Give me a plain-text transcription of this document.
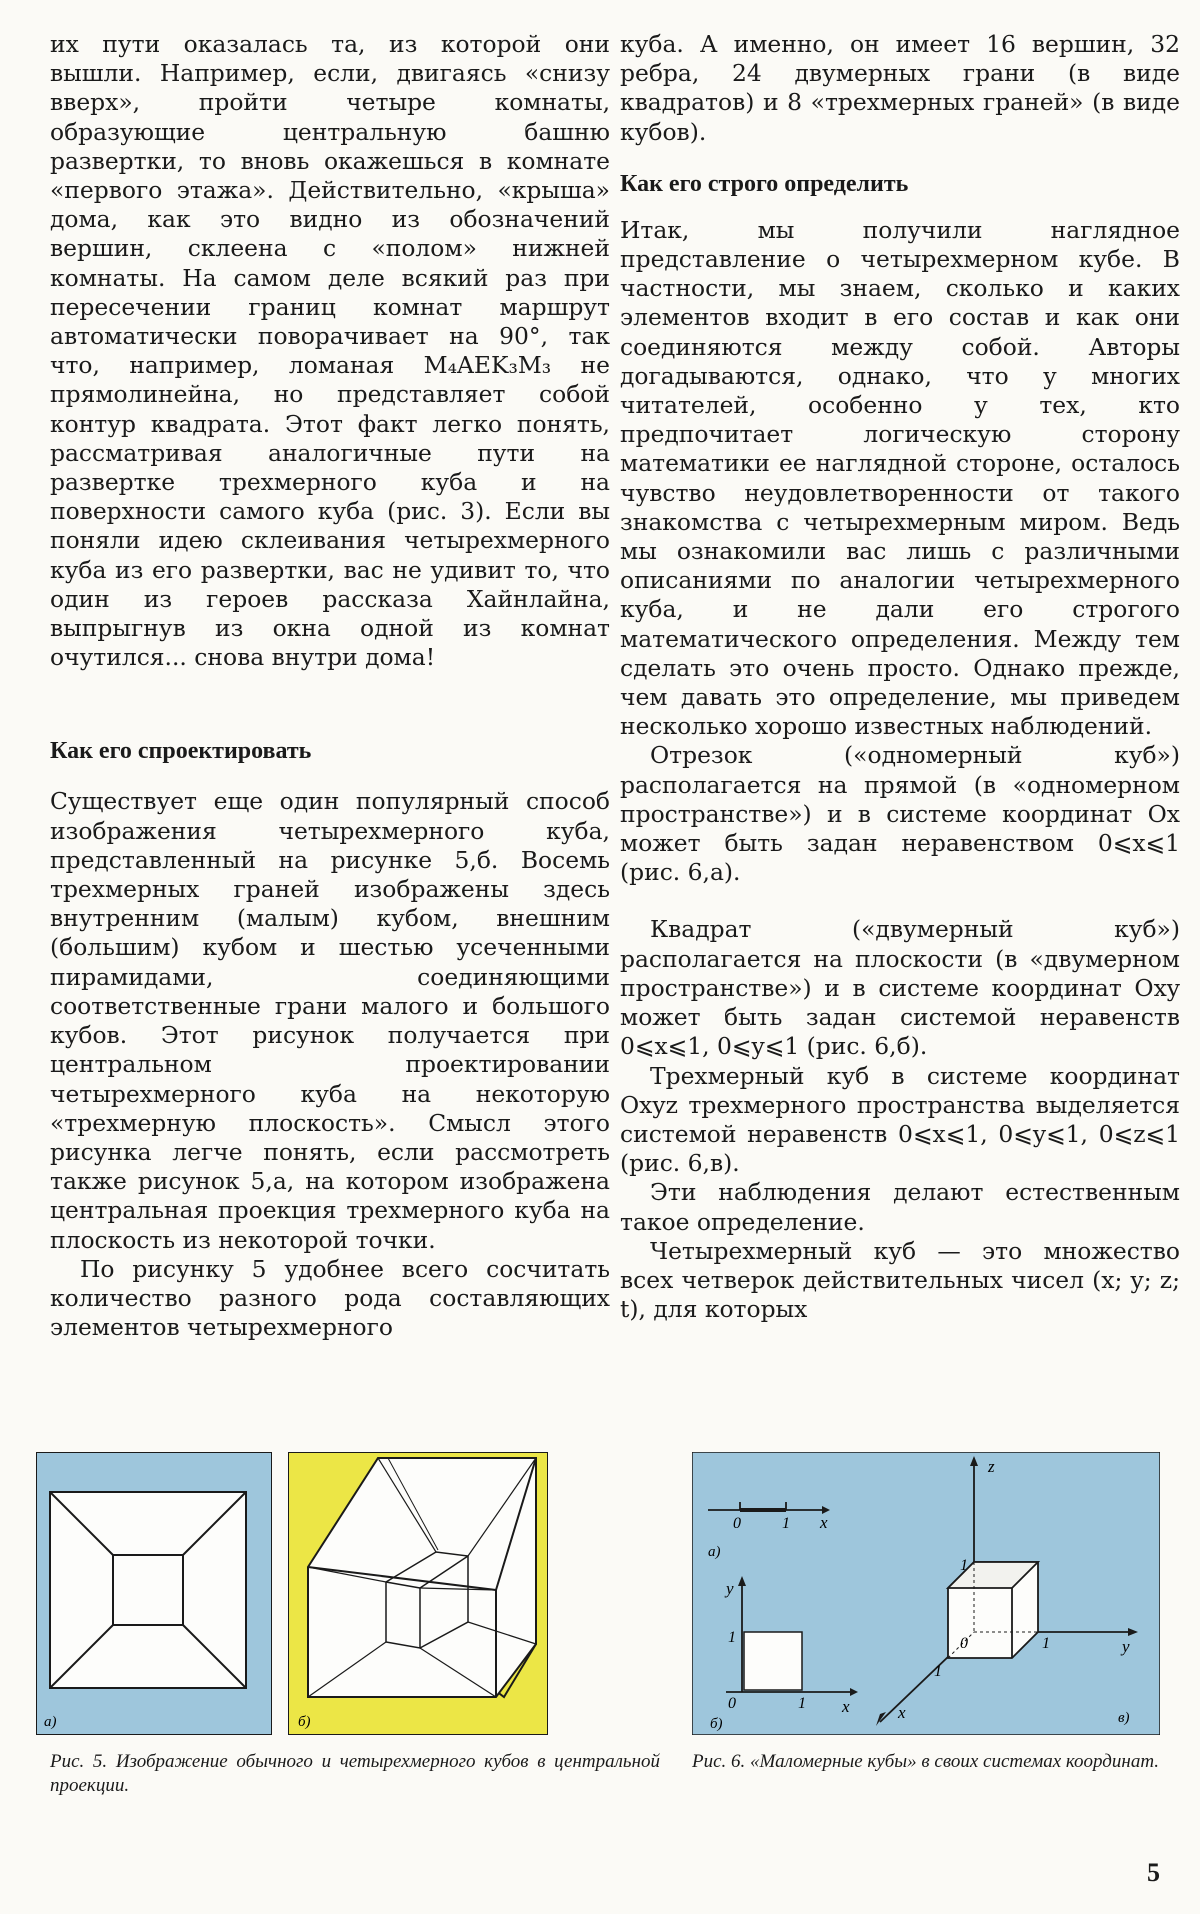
их пути оказалась та, из которой они вышли. Например, если, двигаясь «снизу вверх», пройти четыре комнаты, образующие центральную башню развертки, то вновь окажешься в комнате «первого этажа». Действительно, «крыша» дома, как это видно из обозначений вершин, склеена с «полом» нижней комнаты. На самом деле всякий раз при пересечении границ комнат маршрут автоматически поворачивает на 90°, так что, например, ломаная M₄AEK₃M₃ не прямолинейна, но представляет собой контур квадрата. Этот факт легко понять, рассматривая аналогичные пути на развертке трехмерного куба и на поверхности самого куба (рис. 3). Если вы поняли идею склеивания четырехмерного куба из его развертки, вас не удивит то, что один из героев рассказа Хайнлайна, выпрыгнув из окна одной из комнат очутился... снова внутри дома!

Как его спроектировать

Существует еще один популярный способ изображения четырехмерного куба, представленный на рисунке 5,б. Восемь трехмерных граней изображены здесь внутренним (малым) кубом, внешним (большим) кубом и шестью усеченными пирамидами, соединяющими соответственные грани малого и большого кубов. Этот рисунок получается при центральном проектировании четырехмерного куба на некоторую «трехмерную плоскость». Смысл этого рисунка легче понять, если рассмотреть также рисунок 5,а, на котором изображена центральная проекция трехмерного куба на плоскость из некоторой точки.

По рисунку 5 удобнее всего сосчитать количество разного рода составляющих элементов четырехмерного

куба. А именно, он имеет 16 вершин, 32 ребра, 24 двумерных грани (в виде квадратов) и 8 «трехмерных граней» (в виде кубов).

Как его строго определить

Итак, мы получили наглядное представление о четырехмерном кубе. В частности, мы знаем, сколько и каких элементов входит в его состав и как они соединяются между собой. Авторы догадываются, однако, что у многих читателей, особенно у тех, кто предпочитает логическую сторону математики ее наглядной стороне, осталось чувство неудовлетворенности от такого знакомства с четырехмерным миром. Ведь мы ознакомили вас лишь с различными описаниями по аналогии четырехмерного куба, и не дали его строгого математического определения. Между тем сделать это очень просто. Однако прежде, чем давать это определение, мы приведем несколько хорошо известных наблюдений.

Отрезок («одномерный куб») располагается на прямой (в «одномерном пространстве») и в системе координат Ox может быть задан неравенством 0⩽x⩽1 (рис. 6,а).

Квадрат («двумерный куб») располагается на плоскости (в «двумерном пространстве») и в системе координат Oxy может быть задан системой неравенств 0⩽x⩽1, 0⩽y⩽1 (рис. 6,б).

Трехмерный куб в системе координат Oxyz трехмерного пространства выделяется системой неравенств 0⩽x⩽1, 0⩽y⩽1, 0⩽z⩽1 (рис. 6,в).

Эти наблюдения делают естественным такое определение.

Четырехмерный куб — это множество всех четверок действительных чисел (x; y; z; t), для которых

а)	б)
0	1 x
а)
y
1
0	1 x
б)
z
1
0	1
1
y
x	в)
Рис. 5. Изображение обычного и четырехмерного кубов в центральной проекции.
Рис. 6. «Маломерные кубы» в своих системах координат.
5
